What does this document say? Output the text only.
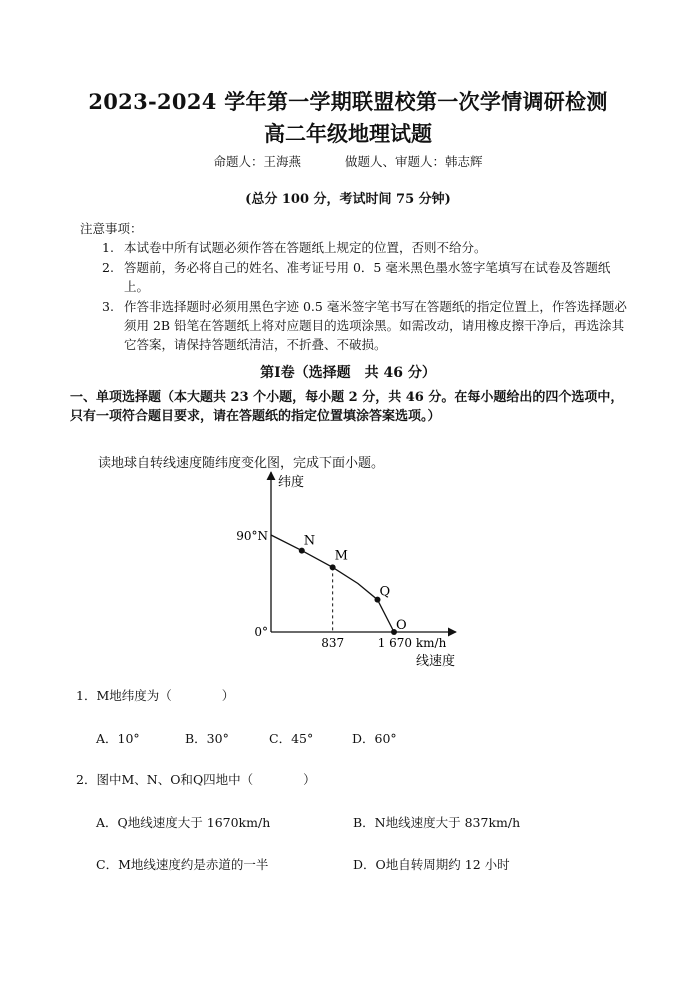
2023-2024 学年第一学期联盟校第一次学情调研检测
高二年级地理试题
命题人：王海燕	做题人、审题人：韩志辉
(总分 100 分，考试时间 75 分钟)
注意事项：
1. 本试卷中所有试题必须作答在答题纸上规定的位置，否则不给分。
2. 答题前，务必将自己的姓名、准考证号用 0．5 毫米黑色墨水签字笔填写在试卷及答题纸上。
3. 作答非选择题时必须用黑色字迹 0.5 毫米签字笔书写在答题纸的指定位置上，作答选择题必须用 2B 铅笔在答题纸上将对应题目的选项涂黑。如需改动，请用橡皮擦干净后，再选涂其它答案，请保持答题纸清洁，不折叠、不破损。
第Ⅰ卷（选择题　共 46 分）
一、单项选择题（本大题共 23 个小题，每小题 2 分，共 46 分。在每小题给出的四个选项中，只有一项符合题目要求，请在答题纸的指定位置填涂答案选项。）
读地球自转线速度随纬度变化图，完成下面小题。
纬度
线速度
90°N
0°
837	1 670 km/h
N
M
Q
O
1．M地纬度为（　　　　）
A．10°	B．30°	C．45°	D．60°
2．图中M、N、O和Q四地中（　　　　）
A．Q地线速度大于 1670km/h	B．N地线速度大于 837km/h
C．M地线速度约是赤道的一半	D．O地自转周期约 12 小时
